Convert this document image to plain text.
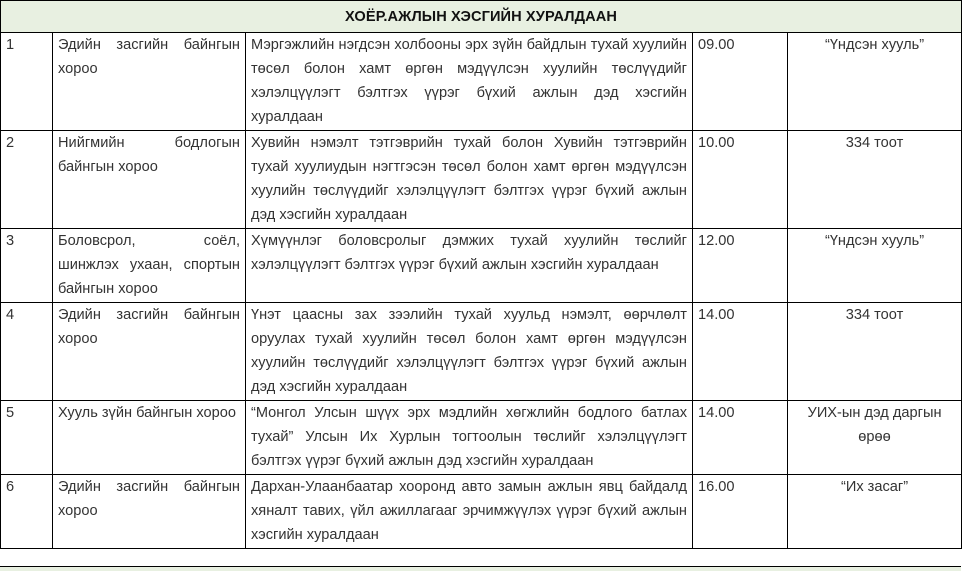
ХОЁР.АЖЛЫН ХЭСГИЙН ХУРАЛДААН				
1	Эдийн засгийн байнгын хороо	Мэргэжлийн нэгдсэн холбооны эрх зүйн байдлын тухай хуулийн төсөл болон хамт өргөн мэдүүлсэн хуулийн төслүүдийг хэлэлцүүлэгт бэлтгэх үүрэг бүхий ажлын дэд хэсгийн хуралдаан	09.00	“Үндсэн хууль”
2	Нийгмийн бодлогын байнгын хороо	Хувийн нэмэлт тэтгэврийн тухай болон Хувийн тэтгэврийн тухай хуулиудын нэгтгэсэн төсөл болон хамт өргөн мэдүүлсэн хуулийн төслүүдийг хэлэлцүүлэгт бэлтгэх үүрэг бүхий ажлын дэд хэсгийн хуралдаан	10.00	334 тоот
3	Боловсрол, соёл, шинжлэх ухаан, спортын байнгын хороо	Хүмүүнлэг боловсролыг дэмжих тухай хуулийн төслийг хэлэлцүүлэгт бэлтгэх үүрэг бүхий ажлын хэсгийн хуралдаан	12.00	“Үндсэн хууль”
4	Эдийн засгийн байнгын хороо	Үнэт цаасны зах зээлийн тухай хуульд нэмэлт, өөрчлөлт оруулах тухай хуулийн төсөл болон хамт өргөн мэдүүлсэн хуулийн төслүүдийг хэлэлцүүлэгт бэлтгэх үүрэг бүхий ажлын дэд хэсгийн хуралдаан	14.00	334 тоот
5	Хууль зүйн байнгын хороо	“Монгол Улсын шүүх эрх мэдлийн хөгжлийн бодлого батлах тухай” Улсын Их Хурлын тогтоолын төслийг хэлэлцүүлэгт бэлтгэх үүрэг бүхий ажлын дэд хэсгийн хуралдаан	14.00	УИХ-ын дэд даргын өрөө
6	Эдийн засгийн байнгын хороо	Дархан-Улаанбаатар хооронд авто замын ажлын явц байдалд хяналт тавих, үйл ажиллагааг эрчимжүүлэх үүрэг бүхий ажлын хэсгийн хуралдаан	16.00	“Их засаг”
